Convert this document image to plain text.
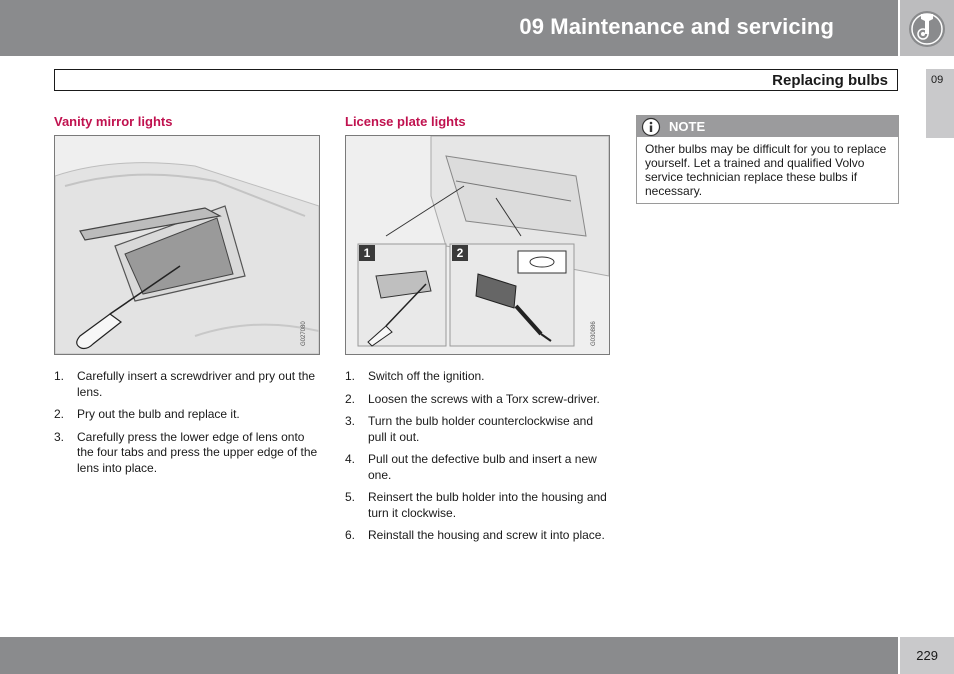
09 Maintenance and servicing
Replacing bulbs	09
Vanity mirror lights
G027080
1. Carefully insert a screwdriver and pry out the lens.
2. Pry out the bulb and replace it.
3. Carefully press the lower edge of lens onto the four tabs and press the upper edge of the lens into place.
License plate lights
1	2
G030886
1. Switch off the ignition.
2. Loosen the screws with a Torx screw-driver.
3. Turn the bulb holder counterclockwise and pull it out.
4. Pull out the defective bulb and insert a new one.
5. Reinsert the bulb holder into the housing and turn it clockwise.
6. Reinstall the housing and screw it into place.
NOTE
Other bulbs may be difficult for you to replace yourself. Let a trained and qualified Volvo service technician replace these bulbs if necessary.
229
